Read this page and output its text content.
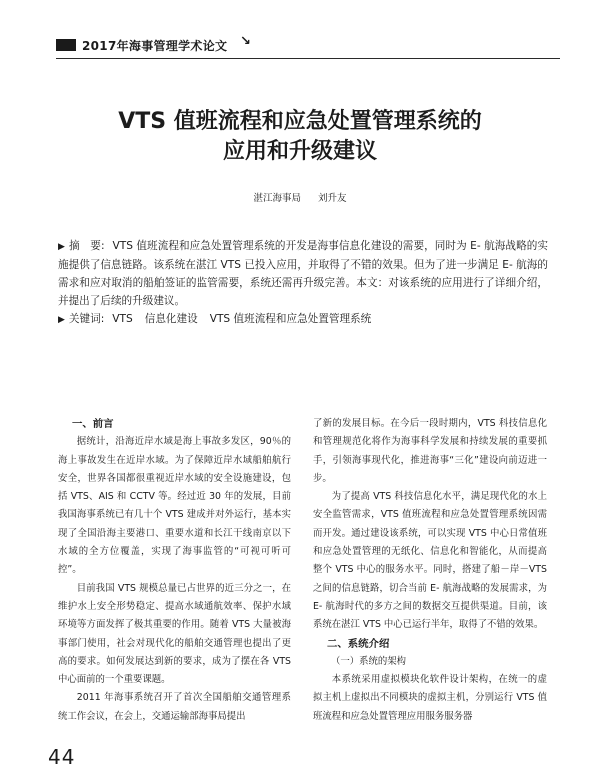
2017年海事管理学术论文 ↘
VTS 值班流程和应急处置管理系统的
应用和升级建议
湛江海事局 刘升友

▶ 摘　要: VTS 值班流程和应急处置管理系统的开发是海事信息化建设的需要，同时为 E- 航海战略的实施提供了信息链路。该系统在湛江 VTS 已投入应用，并取得了不错的效果。但为了进一步满足 E- 航海的需求和应对取消的船舶签证的监管需要，系统还需再升级完善。本文：对该系统的应用进行了详细介绍，并提出了后续的升级建议。

▶ 关键词: VTS 信息化建设 VTS 值班流程和应急处置管理系统

一、前言

据统计，沿海近岸水域是海上事故多发区，90％的海上事故发生在近岸水域。为了保障近岸水域船舶航行安全，世界各国都很重视近岸水域的安全设施建设，包括 VTS、AIS 和 CCTV 等。经过近 30 年的发展，目前我国海事系统已有几十个 VTS 建成并对外运行，基本实现了全国沿海主要港口、重要水道和长江干线南京以下水域的全方位覆盖，实现了海事监管的“可视可听可控”。

目前我国 VTS 规模总量已占世界的近三分之一，在维护水上安全形势稳定、提高水域通航效率、保护水域环境等方面发挥了极其重要的作用。随着 VTS 大量被海事部门使用，社会对现代化的船舶交通管理也提出了更高的要求。如何发展达到新的要求，成为了摆在各 VTS 中心面前的一个重要课题。

2011 年海事系统召开了首次全国船舶交通管理系统工作会议，在会上，交通运输部海事局提出

了新的发展目标。在今后一段时期内，VTS 科技信息化和管理规范化将作为海事科学发展和持续发展的重要抓手，引领海事现代化，推进海事“三化”建设向前迈进一步。

为了提高 VTS 科技信息化水平，满足现代化的水上安全监管需求，VTS 值班流程和应急处置管理系统因需而开发。通过建设该系统，可以实现 VTS 中心日常值班和应急处置管理的无纸化、信息化和智能化，从而提高整个 VTS 中心的服务水平。同时，搭建了船－岸－VTS 之间的信息链路，切合当前 E- 航海战略的发展需求，为 E- 航海时代的多方之间的数据交互提供渠道。目前，该系统在湛江 VTS 中心已运行半年，取得了不错的效果。

二、系统介绍
（一）系统的架构

本系统采用虚拟模块化软件设计架构，在统一的虚拟主机上虚拟出不同模块的虚拟主机，分别运行 VTS 值班流程和应急处置管理应用服务服务器

44
